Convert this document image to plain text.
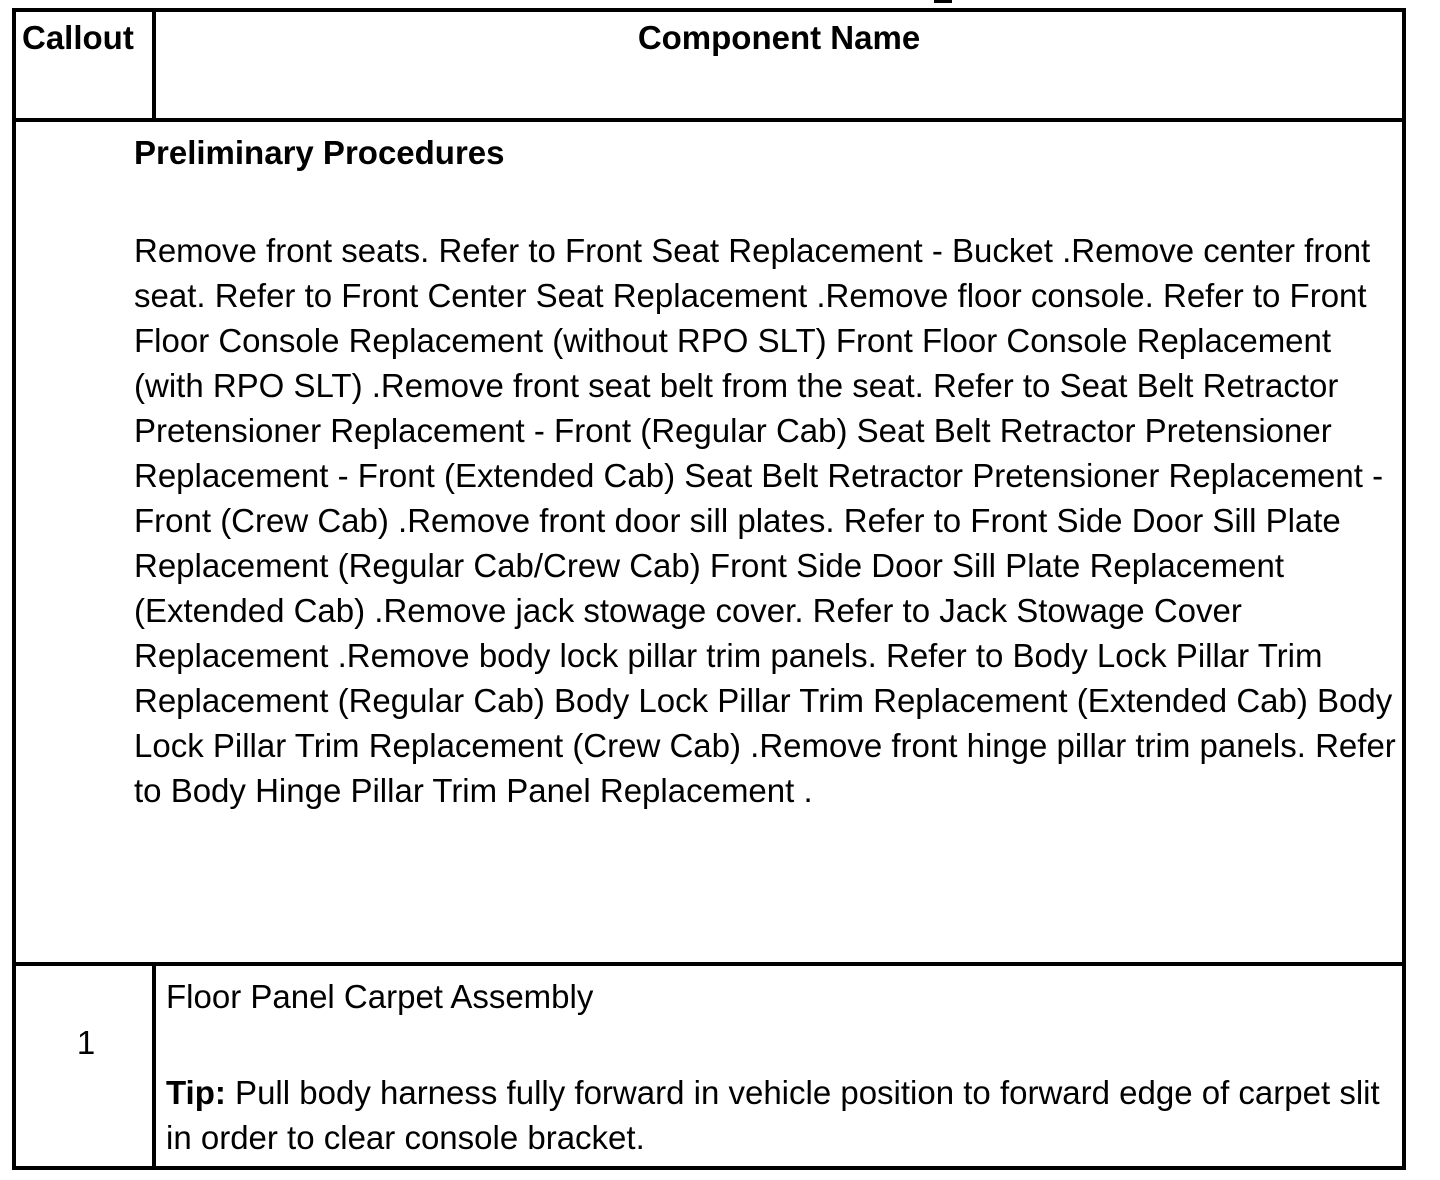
Callout	Component Name
Preliminary Procedures

Remove front seats. Refer to Front Seat Replacement - Bucket .Remove center front seat. Refer to Front Center Seat Replacement .Remove floor console. Refer to Front Floor Console Replacement (without RPO SLT) Front Floor Console Replacement (with RPO SLT) .Remove front seat belt from the seat. Refer to Seat Belt Retractor Pretensioner Replacement - Front (Regular Cab) Seat Belt Retractor Pretensioner Replacement - Front (Extended Cab) Seat Belt Retractor Pretensioner Replacement - Front (Crew Cab) .Remove front door sill plates. Refer to Front Side Door Sill Plate Replacement (Regular Cab/Crew Cab) Front Side Door Sill Plate Replacement (Extended Cab) .Remove jack stowage cover. Refer to Jack Stowage Cover Replacement .Remove body lock pillar trim panels. Refer to Body Lock Pillar Trim Replacement (Regular Cab) Body Lock Pillar Trim Replacement (Extended Cab) Body Lock Pillar Trim Replacement (Crew Cab) .Remove front hinge pillar trim panels. Refer to Body Hinge Pillar Trim Panel Replacement .

1
Floor Panel Carpet Assembly

Tip: Pull body harness fully forward in vehicle position to forward edge of carpet slit in order to clear console bracket.
